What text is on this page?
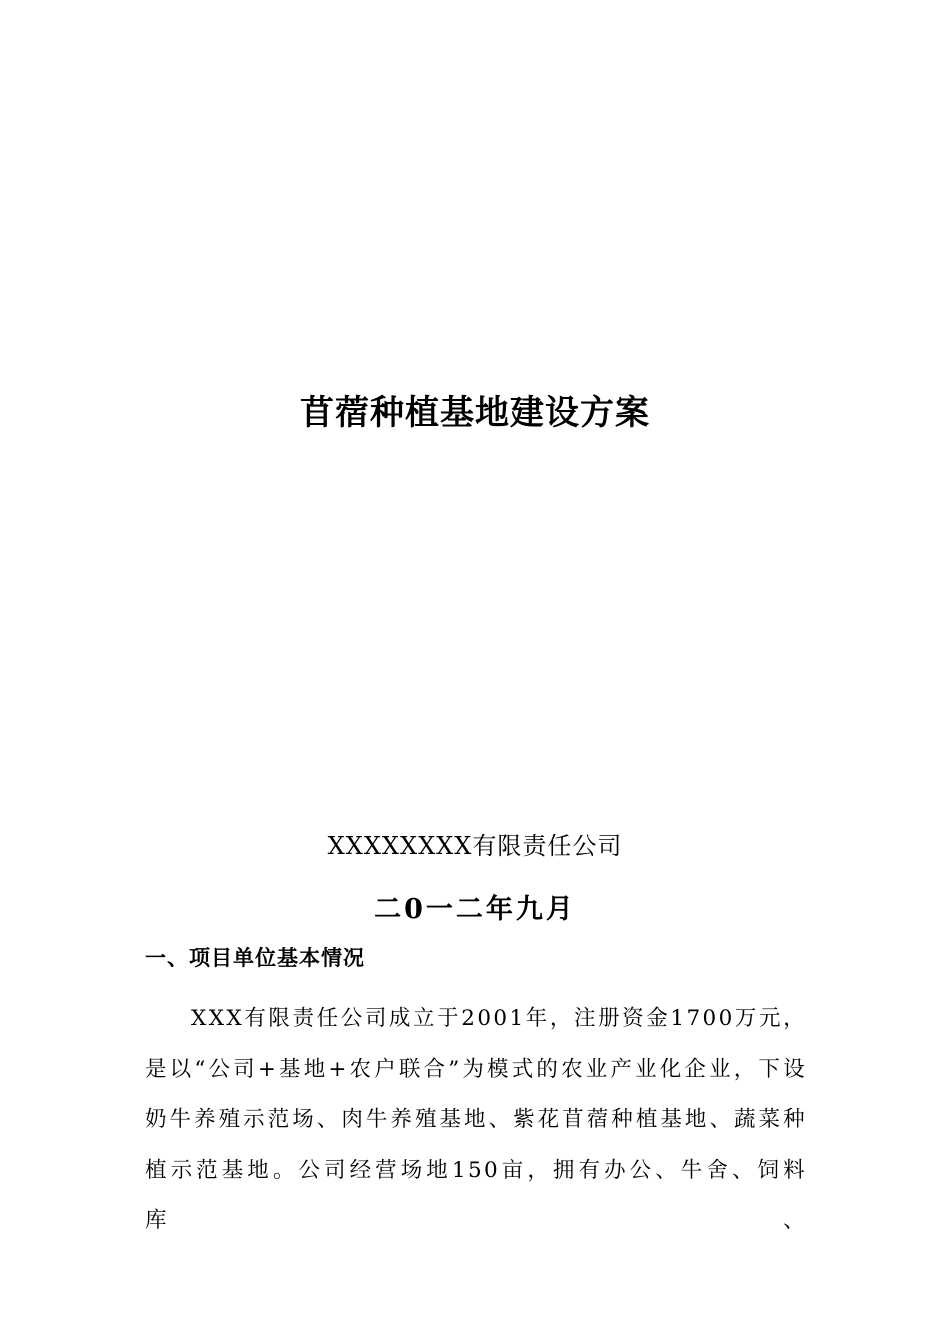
苜蓿种植基地建设方案
XXXXXXXX有限责任公司
二0一二年九月
一、项目单位基本情况

XXX有限责任公司成立于2001年，注册资金1700万元，是以“公司+基地+农户联合”为模式的农业产业化企业，下设奶牛养殖示范场、肉牛养殖基地、紫花苜蓿种植基地、蔬菜种植示范基地。公司经营场地150亩，拥有办公、牛舍、饲料库、
